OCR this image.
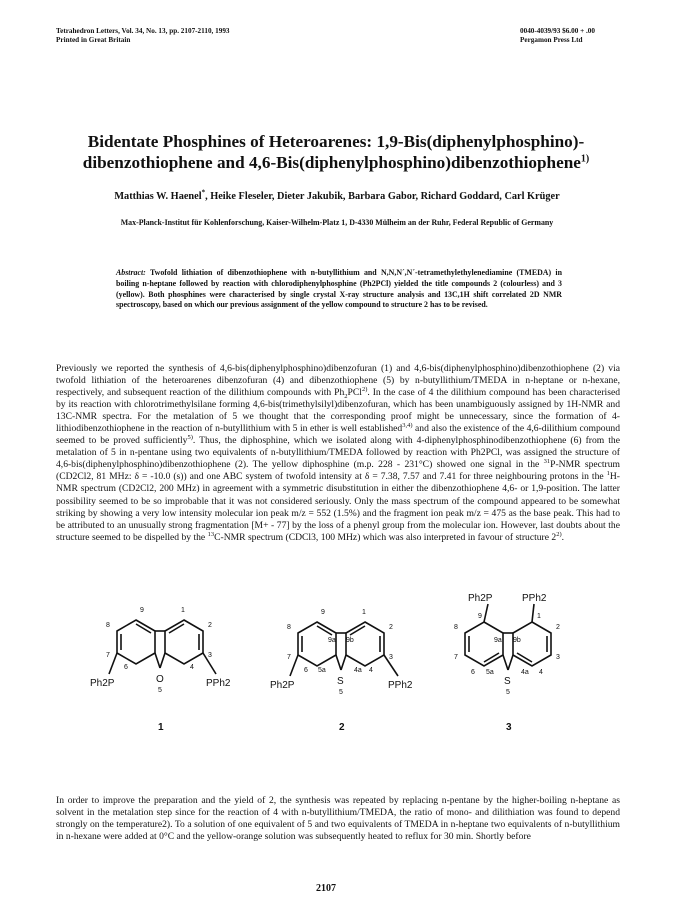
Tetrahedron Letters, Vol. 34, No. 13, pp. 2107-2110, 1993
Printed in Great Britain
0040-4039/93 $6.00 + .00
Pergamon Press Ltd
Bidentate Phosphines of Heteroarenes: 1,9-Bis(diphenylphosphino)-
dibenzothiophene and 4,6-Bis(diphenylphosphino)dibenzothiophene$^{1)}$
Matthias W. Haenel*, Heike Fleseler, Dieter Jakubik, Barbara Gabor, Richard Goddard, Carl Krüger
Max-Planck-Institut für Kohlenforschung, Kaiser-Wilhelm-Platz 1, D-4330 Mülheim an der Ruhr, Federal Republic of Germany
Abstract: Twofold lithiation of dibenzothiophene with n-butyllithium and N,N,N´,N´-tetramethylethylenediamine (TMEDA) in boiling n-heptane followed by reaction with chlorodiphenylphosphine (Ph2PCl) yielded the title compounds 2 (colourless) and 3 (yellow). Both phosphines were characterised by single crystal X-ray structure analysis and 13C,1H shift correlated 2D NMR spectroscopy, based on which our previous assignment of the yellow compound to structure 2 has to be revised.
Previously we reported the synthesis of 4,6-bis(diphenylphosphino)dibenzofuran (1) and 4,6-bis(diphenylphosphino)dibenzothiophene (2) via twofold lithiation of the heteroarenes dibenzofuran (4) and dibenzothiophene (5) by n-butyllithium/TMEDA in n-heptane or n-hexane, respectively, and subsequent reaction of the dilithium compounds with $Ph_2PCl^{2)}$. In the case of 4 the dilithium compound has been characterised by its reaction with chlorotrimethylsilane forming 4,6-bis(trimethylsilyl)dibenzofuran, which has been unambiguously assigned by 1H-NMR and 13C-NMR spectra. For the metalation of 5 we thought that the corresponding proof might be unnecessary, since the formation of 4-lithiodibenzothiophene in the reaction of n-butyllithium with 5 in ether is well established$^{3,4)}$ and also the existence of the 4,6-dilithium compound seemed to be proved sufficiently$^{5)}$. Thus, the diphosphine, which we isolated along with 4-diphenylphosphinodibenzothiophene (6) from the metalation of 5 in n-pentane using two equivalents of n-butyllithium/TMEDA followed by reaction with Ph2PCl, was assigned the structure of 4,6-bis(diphenylphosphino)dibenzothiophene (2). The yellow diphosphine (m.p. 228 - 231°C) showed one signal in the $^{31}$P-NMR spectrum (CD2Cl2, 81 MHz: δ = -10.0 (s)) and one ABC system of twofold intensity at δ = 7.38, 7.57 and 7.41 for three neighbouring protons in the $^1$H-NMR spectrum (CD2Cl2, 200 MHz) in agreement with a symmetric disubstitution in either the dibenzothiophene 4,6- or 1,9-position. The latter possibility seemed to be so improbable that it was not considered seriously. Only the mass spectrum of the compound appeared to be somewhat striking by showing a very low intensity molecular ion peak m/z = 552 (1.5%) and the fragment ion peak m/z = 475 as the base peak. This had to be attributed to an unusually strong fragmentation [M+ - 77] by the loss of a phenyl group from the molecular ion. However, last doubts about the structure seemed to be dispelled by the $^{13}$C-NMR spectrum (CDCl3, 100 MHz) which was also interpreted in favour of structure 2$^{2)}$.
O
Ph2P	PPh2
9	1
8	2
7	3
6
5
4
1
S
Ph2P	PPh2
9	1
9a 9b
8	2
7	3
6 5a	4a 4
5
2
Ph2P	PPh2
S
9	1
9a 9b
8	2
7	3
6 5a	4a 4
5
3
In order to improve the preparation and the yield of 2, the synthesis was repeated by replacing n-pentane by the higher-boiling n-heptane as solvent in the metalation step since for the reaction of 4 with n-butyllithium/TMEDA, the ratio of mono- and dilithiation was found to depend strongly on the temperature2). To a solution of one equivalent of 5 and two equivalents of TMEDA in n-heptane two equivalents of n-butyllithium in n-hexane were added at 0°C and the yellow-orange solution was subsequently heated to reflux for 30 min. Shortly before
2107
